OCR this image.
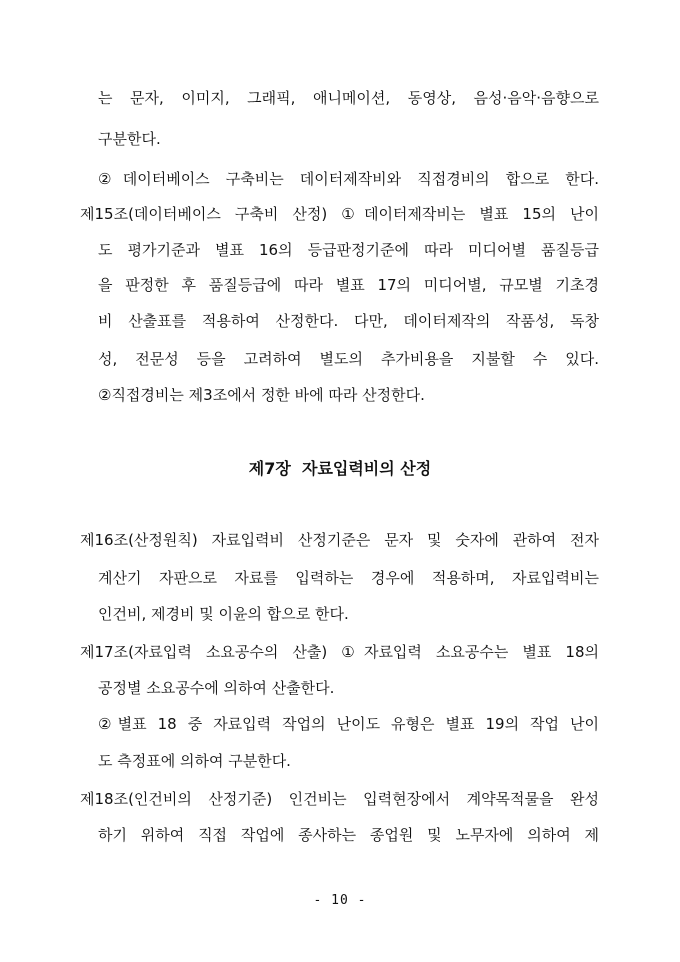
는 문자, 이미지, 그래픽, 애니메이션, 동영상, 음성·음악·음향으로
구분한다.
②데이터베이스 구축비는 데이터제작비와 직접경비의 합으로 한다.
제15조(데이터베이스 구축비 산정) ①데이터제작비는 별표 15의 난이
도 평가기준과 별표 16의 등급판정기준에 따라 미디어별 품질등급
을 판정한 후 품질등급에 따라 별표 17의 미디어별, 규모별 기초경
비 산출표를 적용하여 산정한다. 다만, 데이터제작의 작품성, 독창
성, 전문성 등을 고려하여 별도의 추가비용을 지불할 수 있다.
②직접경비는 제3조에서 정한 바에 따라 산정한다.
제7장  자료입력비의 산정
제16조(산정원칙) 자료입력비 산정기준은 문자 및 숫자에 관하여 전자
계산기 자판으로 자료를 입력하는 경우에 적용하며, 자료입력비는
인건비, 제경비 및 이윤의 합으로 한다.
제17조(자료입력 소요공수의 산출) ①자료입력 소요공수는 별표 18의
공정별 소요공수에 의하여 산출한다.
②별표 18 중 자료입력 작업의 난이도 유형은 별표 19의 작업 난이
도 측정표에 의하여 구분한다.
제18조(인건비의 산정기준) 인건비는 입력현장에서 계약목적물을 완성
하기 위하여 직접 작업에 종사하는 종업원 및 노무자에 의하여 제
- 10 -
